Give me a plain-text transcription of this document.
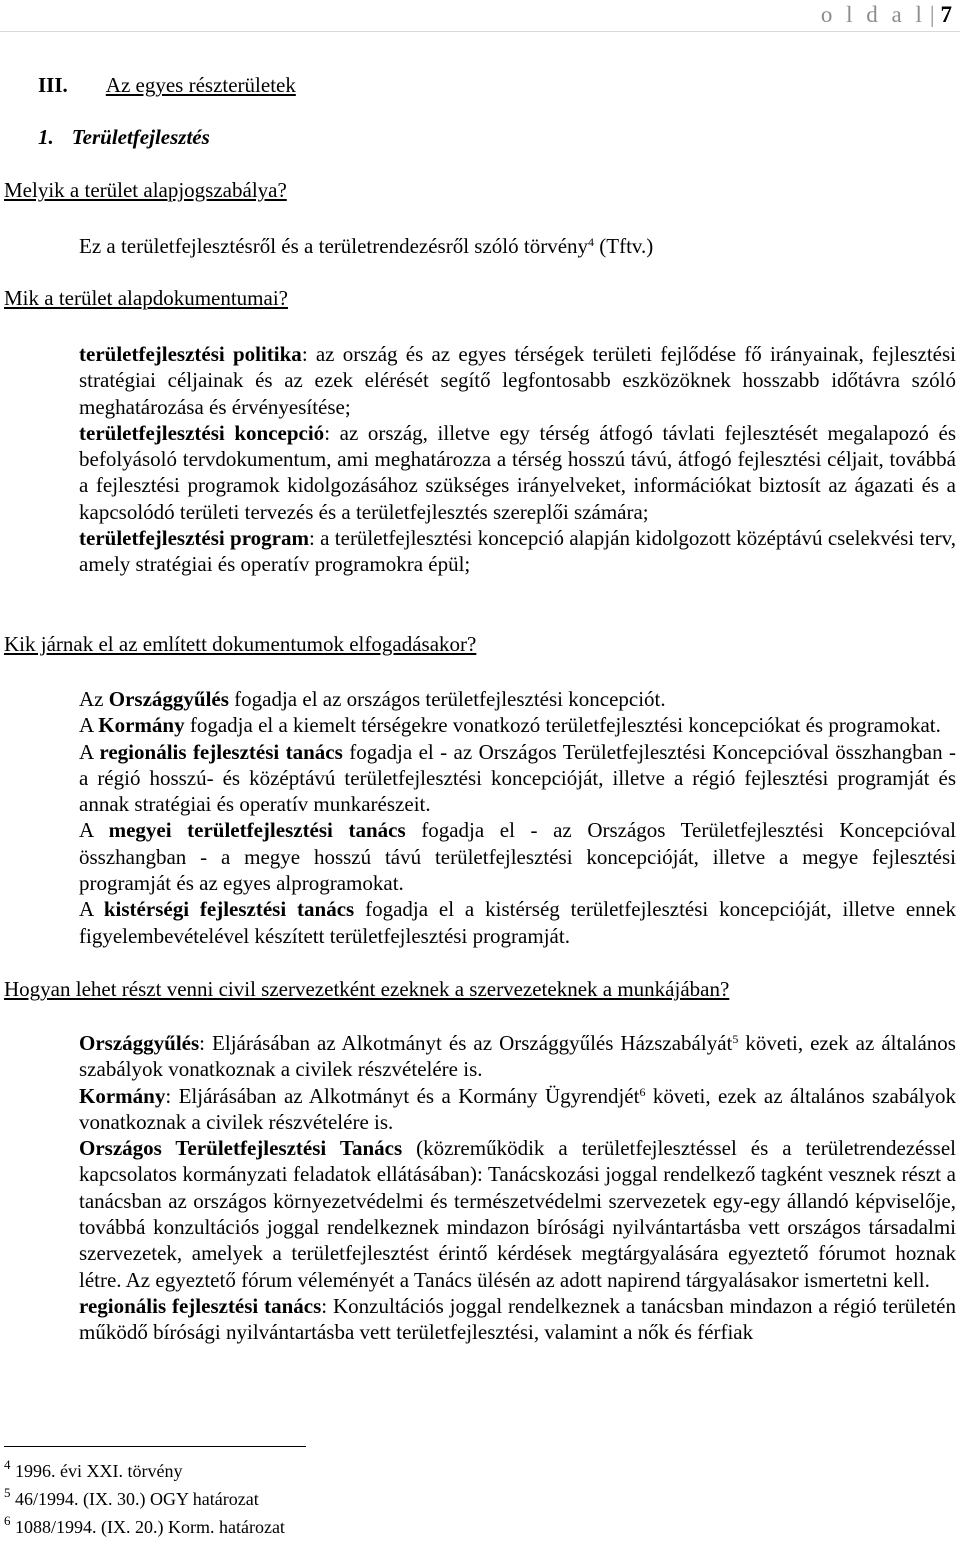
o l d a l |7
III. Az egyes részterületek
1. Területfejlesztés
Melyik a terület alapjogszabálya?
Ez a területfejlesztésről és a területrendezésről szóló törvény$^4$ (Tftv.)
Mik a terület alapdokumentumai?

területfejlesztési politika: az ország és az egyes térségek területi fejlődése fő irányainak, fejlesztési stratégiai céljainak és az ezek elérését segítő legfontosabb eszközöknek hosszabb időtávra szóló meghatározása és érvényesítése;

területfejlesztési koncepció: az ország, illetve egy térség átfogó távlati fejlesztését megalapozó és befolyásoló tervdokumentum, ami meghatározza a térség hosszú távú, átfogó fejlesztési céljait, továbbá a fejlesztési programok kidolgozásához szükséges irányelveket, információkat biztosít az ágazati és a kapcsolódó területi tervezés és a területfejlesztés szereplői számára;

területfejlesztési program: a területfejlesztési koncepció alapján kidolgozott középtávú cselekvési terv, amely stratégiai és operatív programokra épül;

Kik járnak el az említett dokumentumok elfogadásakor?

Az Országgyűlés fogadja el az országos területfejlesztési koncepciót.

A Kormány fogadja el a kiemelt térségekre vonatkozó területfejlesztési koncepciókat és programokat.

A regionális fejlesztési tanács fogadja el - az Országos Területfejlesztési Koncepcióval összhangban - a régió hosszú- és középtávú területfejlesztési koncepcióját, illetve a régió fejlesztési programját és annak stratégiai és operatív munkarészeit.

A megyei területfejlesztési tanács fogadja el - az Országos Területfejlesztési Koncepcióval összhangban - a megye hosszú távú területfejlesztési koncepcióját, illetve a megye fejlesztési programját és az egyes alprogramokat.

A kistérségi fejlesztési tanács fogadja el a kistérség területfejlesztési koncepcióját, illetve ennek figyelembevételével készített területfejlesztési programját.

Hogyan lehet részt venni civil szervezetként ezeknek a szervezeteknek a munkájában?

Országgyűlés: Eljárásában az Alkotmányt és az Országgyűlés Házszabályát$^5$ követi, ezek az általános szabályok vonatkoznak a civilek részvételére is.

Kormány: Eljárásában az Alkotmányt és a Kormány Ügyrendjét$^6$ követi, ezek az általános szabályok vonatkoznak a civilek részvételére is.

Országos Területfejlesztési Tanács (közreműködik a területfejlesztéssel és a területrendezéssel kapcsolatos kormányzati feladatok ellátásában): Tanácskozási joggal rendelkező tagként vesznek részt a tanácsban az országos környezetvédelmi és természetvédelmi szervezetek egy-egy állandó képviselője, továbbá konzultációs joggal rendelkeznek mindazon bírósági nyilvántartásba vett országos társadalmi szervezetek, amelyek a területfejlesztést érintő kérdések megtárgyalására egyeztető fórumot hoznak létre. Az egyeztető fórum véleményét a Tanács ülésén az adott napirend tárgyalásakor ismertetni kell.

regionális fejlesztési tanács: Konzultációs joggal rendelkeznek a tanácsban mindazon a régió területén működő bírósági nyilvántartásba vett területfejlesztési, valamint a nők és férfiak

$^4$ 1996. évi XXI. törvény
$^5$ 46/1994. (IX. 30.) OGY határozat
$^6$ 1088/1994. (IX. 20.) Korm. határozat
